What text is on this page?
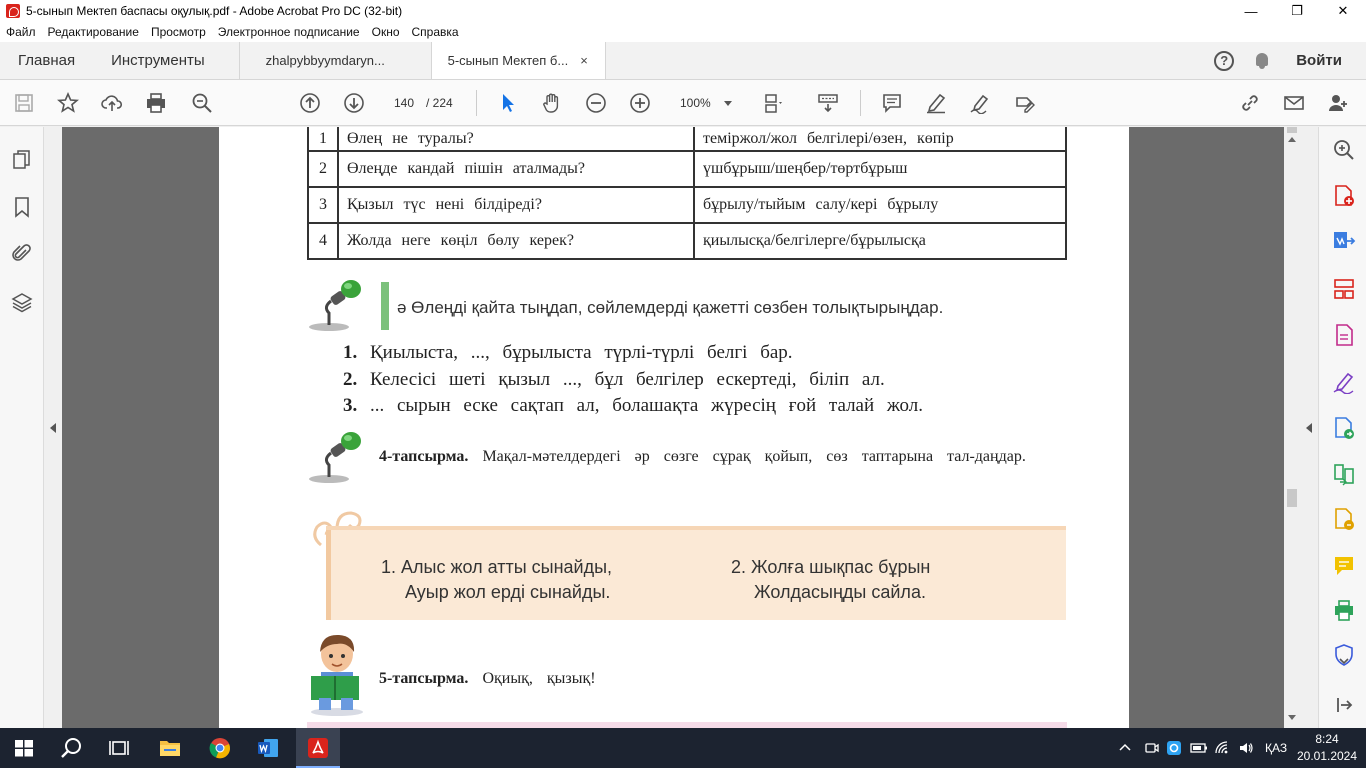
5-сынып Мектеп баспасы оқулық.pdf - Adobe Acrobat Pro DC (32-bit)	—	❐	✕
Файл	Редактирование	Просмотр	Электронное подписание	Окно	Справка
Главная	Инструменты	zhalpybbyymdaryn...	5-сынып Мектеп б... ×	?	Войти
140 / 224	100%
1	Өлең не туралы?	теміржол/жол белгілері/өзен, көпір
2	Өлеңде кандай пішін аталмады?	үшбұрыш/шеңбер/төртбұрыш
3	Қызыл түс нені білдіреді?	бұрылу/тыйым салу/кері бұрылу
4	Жолда неге көңіл бөлу керек?	қиылысқа/белгілерге/бұрылысқа
ә Өлеңді қайта тыңдап, сөйлемдерді қажетті сөзбен толықтырыңдар.
1. Қиылыста, ..., бұрылыста түрлі-түрлі белгі бар.
2. Келесісі шеті қызыл ..., бұл белгілер ескертеді, біліп ал.
3. ... сырын еске сақтап ал, болашақта жүресің ғой талай жол.
4-тапсырма. Мақал-мәтелдердегі әр сөзге сұрақ қойып, сөз таптарына тал-даңдар.
1. Алыс жол атты сынайды,
Ауыр жол ерді сынайды.
2. Жолға шықпас бұрын
Жолдасыңды сайла.
5-тапсырма. Оқиық, қызық!
ҚАЗ
8:24
20.01.2024
